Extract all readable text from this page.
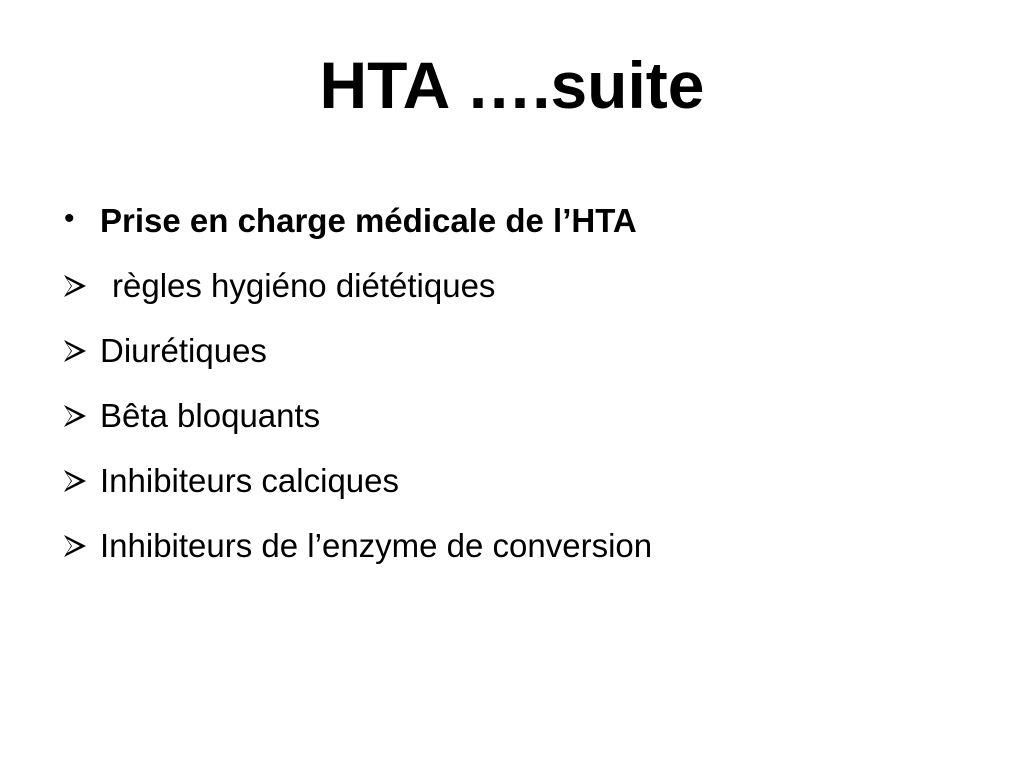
HTA ….suite
• Prise en charge médicale de l’HTA
règles hygiéno diététiques
Diurétiques
Bêta bloquants
Inhibiteurs calciques
Inhibiteurs de l’enzyme de conversion
